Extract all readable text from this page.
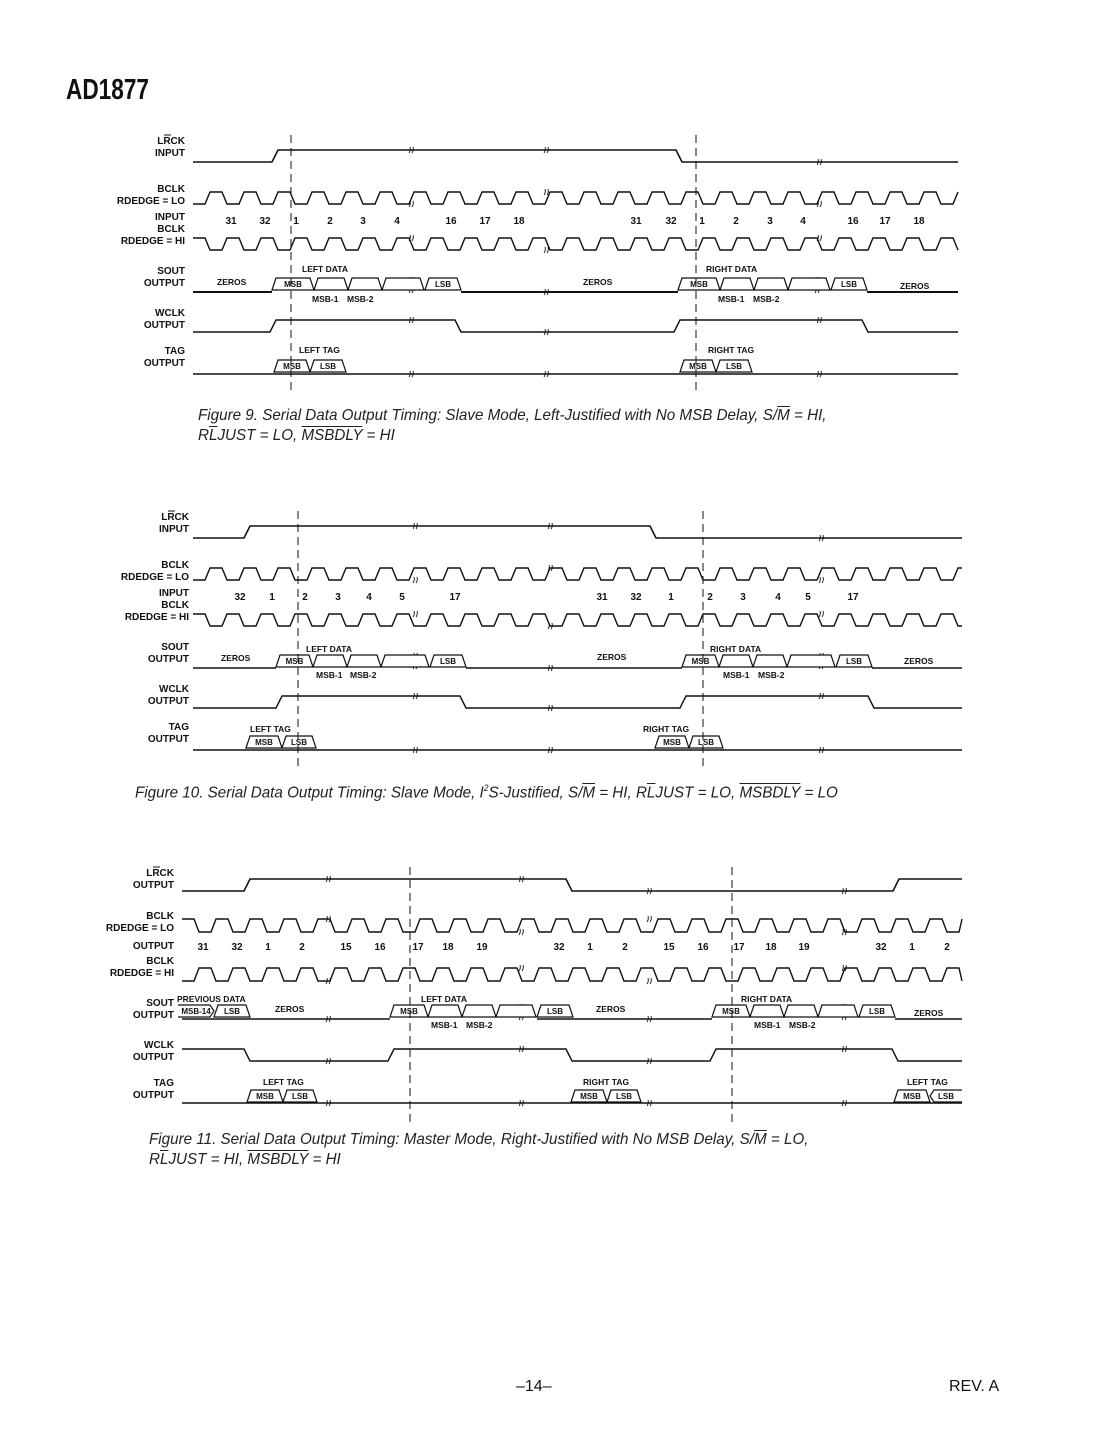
AD1877
LRCK
INPUT
BCLK
RDEDGE = LO
INPUT
BCLK
RDEDGE = HI
SOUT
OUTPUT
WCLK
OUTPUT
TAG
OUTPUT
31 32 1	2	3	4	16 17 18	31 32 1	2	3	4	16 17 18
ZEROS
LEFT DATA
MSB-1 MSB-2
ZEROS
RIGHT DATA
MSB-1 MSB-2
ZEROS
LEFT TAG	RIGHT TAG
MSB	LSB	MSB	LSB
MSB LSB	MSB LSB
Figure 9. Serial Data Output Timing: Slave Mode, Left-Justified with No MSB Delay, $S/\overline{M}$ = HI,
$R\overline{L}JUST$ = LO, MSBDLY = HI
LRCK
INPUT
BCLK
RDEDGE = LO
INPUT
BCLK
RDEDGE = HI
SOUT
OUTPUT
WCLK
OUTPUT
TAG
OUTPUT
32 1	2	3	4	5	17	31 32	1	2	3	4 5	17
ZEROS
LEFT DATA
MSB-1 MSB-2
ZEROS
RIGHT DATA
MSB-1 MSB-2
ZEROS
LEFT TAG	RIGHT TAG
MSB	LSB	MSB	LSB
MSB LSB	MSB LSB
Figure 10. Serial Data Output Timing: Slave Mode, $I^2S$-Justified, $S/\overline{M}$ = HI, $R\overline{L}JUST$ = LO, MSBDLY = LO
LRCK
OUTPUT
BCLK
RDEDGE = LO
OUTPUT
BCLK
RDEDGE = HI
SOUT
OUTPUT
WCLK
OUTPUT
TAG
OUTPUT
31 32 1	2	15 16	17 18 19	32 1	2	15 16 17 18 19	32 1	2
PREVIOUS DATA
ZEROS
LEFT DATA
MSB-1 MSB-2
ZEROS
RIGHT DATA
MSB-1 MSB-2
ZEROS
LEFT TAG	RIGHT TAG	LEFT TAG
MSB-14 LSB	MSB	LSB	MSB	LSB
MSB LSB	MSB LSB	MSB LSB
Figure 11. Serial Data Output Timing: Master Mode, Right-Justified with No MSB Delay, $S/\overline{M}$ = LO,
$R\overline{L}JUST$ = HI, MSBDLY = HI
–14–	REV. A
